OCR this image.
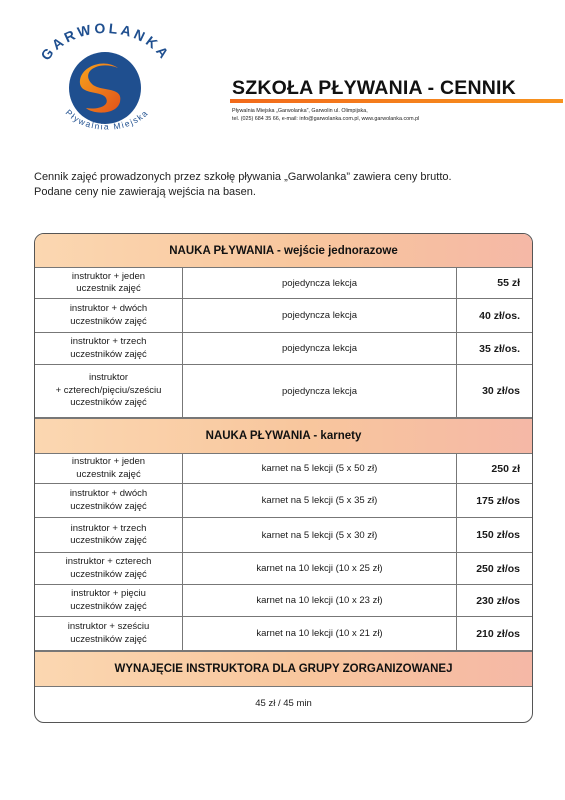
GARWOLANKA
Pływalnia Miejska
SZKOŁA PŁYWANIA - CENNIK
Pływalnia Miejska „Garwolanka”, Garwolin ul. Olimpijska,
tel. (025) 684 35 66, e-mail: info@garwolanka.com.pl, www.garwolanka.com.pl
Cennik zajęć prowadzonych przez szkołę pływania „Garwolanka” zawiera ceny brutto.
Podane ceny nie zawierają wejścia na basen.
NAUKA PŁYWANIA - wejście jednorazowe
instruktor + jeden
uczestnik zajęć	pojedyncza lekcja	55 zł
instruktor + dwóch
uczestników zajęć	pojedyncza lekcja	40 zł/os.
instruktor + trzech
uczestników zajęć	pojedyncza lekcja	35 zł/os.
instruktor
+ czterech/pięciu/sześciu
uczestników zajęć
pojedyncza lekcja	30 zł/os
NAUKA PŁYWANIA - karnety
instruktor + jeden
uczestnik zajęć	karnet na 5 lekcji (5 x 50 zł)	250 zł
instruktor + dwóch
uczestników zajęć	karnet na 5 lekcji (5 x 35 zł)	175 zł/os
instruktor + trzech
uczestników zajęć	karnet na 5 lekcji (5 x 30 zł)	150 zł/os
instruktor + czterech
uczestników zajęć	karnet na 10 lekcji (10 x 25 zł)	250 zł/os
instruktor + pięciu
uczestników zajęć	karnet na 10 lekcji (10 x 23 zł)	230 zł/os
instruktor + sześciu
uczestników zajęć	karnet na 10 lekcji (10 x 21 zł)	210 zł/os
WYNAJĘCIE INSTRUKTORA DLA GRUPY ZORGANIZOWANEJ
45 zł / 45 min
